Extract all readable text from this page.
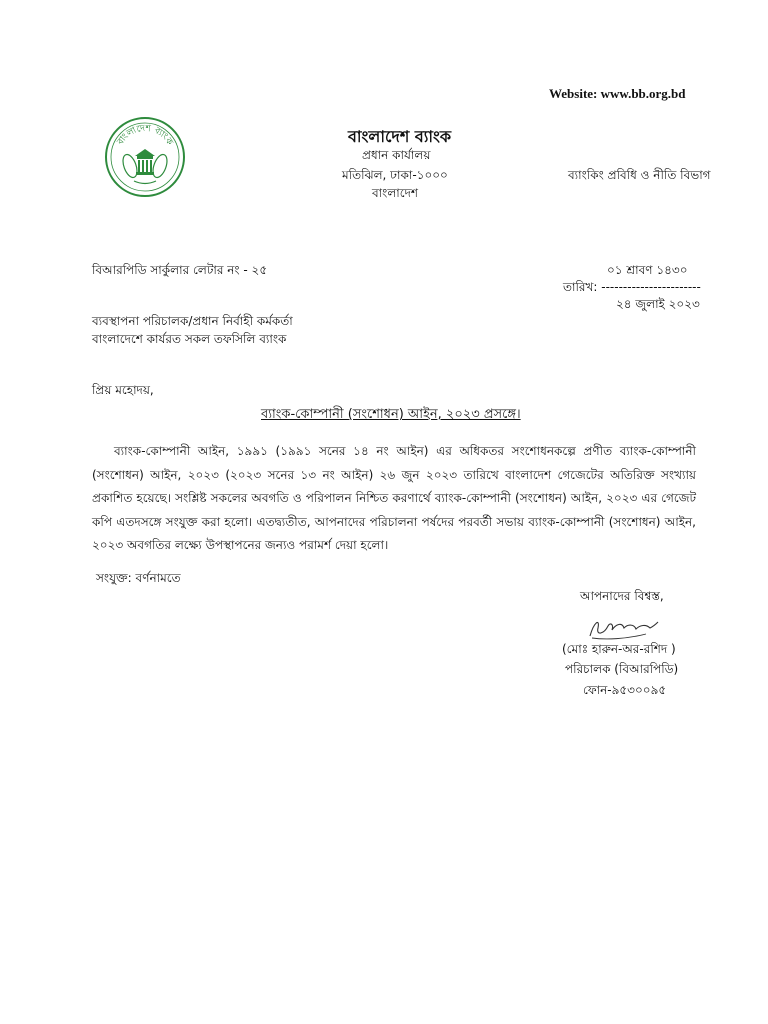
Website: www.bb.org.bd
বাংলাদেশ ব্যাংক	বাংলাদেশ ব্যাংক
প্রধান কার্যালয়
মতিঝিল, ঢাকা-১০০০
বাংলাদেশ
ব্যাংকিং প্রবিধি ও নীতি বিভাগ
বিআরপিডি সার্কুলার লেটার নং - ২৫	০১ শ্রাবণ ১৪৩০
তারিখ: -----------------------
২৪ জুলাই ২০২৩
ব্যবস্থাপনা পরিচালক/প্রধান নির্বাহী কর্মকর্তা
বাংলাদেশে কার্যরত সকল তফসিলি ব্যাংক
প্রিয় মহোদয়,
ব্যাংক-কোম্পানী (সংশোধন) আইন, ২০২৩ প্রসঙ্গে।

ব্যাংক-কোম্পানী আইন, ১৯৯১ (১৯৯১ সনের ১৪ নং আইন) এর অধিকতর সংশোধনকল্পে প্রণীত ব্যাংক-কোম্পানী (সংশোধন) আইন, ২০২৩ (২০২৩ সনের ১৩ নং আইন) ২৬ জুন ২০২৩ তারিখে বাংলাদেশ গেজেটের অতিরিক্ত সংখ্যায় প্রকাশিত হয়েছে। সংশ্লিষ্ট সকলের অবগতি ও পরিপালন নিশ্চিত করণার্থে ব্যাংক-কোম্পানী (সংশোধন) আইন, ২০২৩ এর গেজেট কপি এতদসঙ্গে সংযুক্ত করা হলো। এতদ্ব্যতীত, আপনাদের পরিচালনা পর্ষদের পরবর্তী সভায় ব্যাংক-কোম্পানী (সংশোধন) আইন, ২০২৩ অবগতির লক্ষ্যে উপস্থাপনের জন্যও পরামর্শ দেয়া হলো।

সংযুক্ত: বর্ণনামতে
আপনাদের বিশ্বস্ত,
(মোঃ হারুন-অর-রশিদ )
পরিচালক (বিআরপিডি)
ফোন-৯৫৩০০৯৫
